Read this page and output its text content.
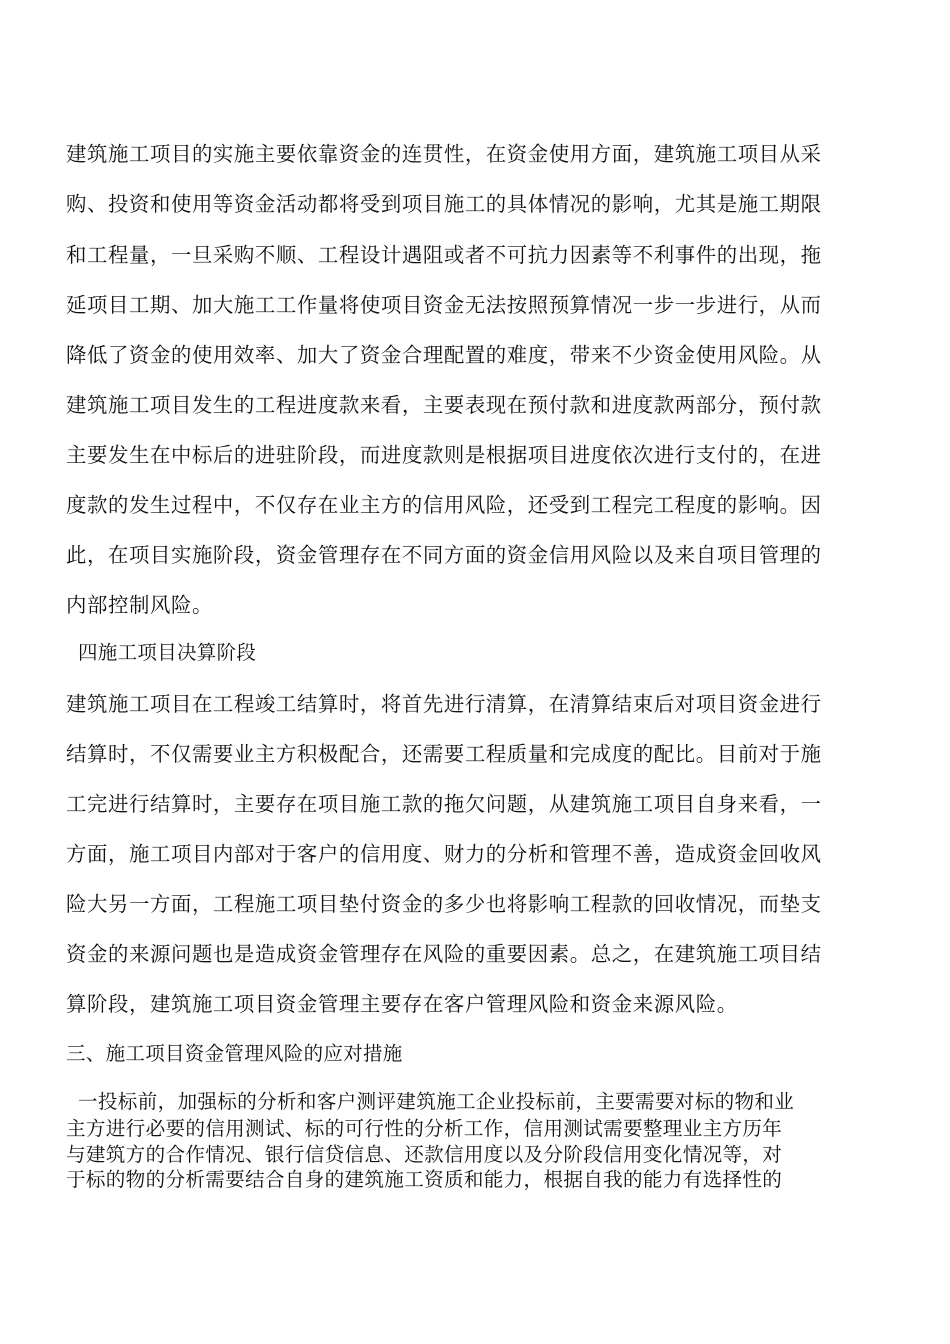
建筑施工项目的实施主要依靠资金的连贯性，在资金使用方面，建筑施工项目从采
购、投资和使用等资金活动都将受到项目施工的具体情况的影响，尤其是施工期限
和工程量，一旦采购不顺、工程设计遇阻或者不可抗力因素等不利事件的出现，拖
延项目工期、加大施工工作量将使项目资金无法按照预算情况一步一步进行，从而
降低了资金的使用效率、加大了资金合理配置的难度，带来不少资金使用风险。从
建筑施工项目发生的工程进度款来看，主要表现在预付款和进度款两部分，预付款
主要发生在中标后的进驻阶段，而进度款则是根据项目进度依次进行支付的，在进
度款的发生过程中，不仅存在业主方的信用风险，还受到工程完工程度的影响。因
此，在项目实施阶段，资金管理存在不同方面的资金信用风险以及来自项目管理的
内部控制风险。
四施工项目决算阶段
建筑施工项目在工程竣工结算时，将首先进行清算，在清算结束后对项目资金进行
结算时，不仅需要业主方积极配合，还需要工程质量和完成度的配比。目前对于施
工完进行结算时，主要存在项目施工款的拖欠问题，从建筑施工项目自身来看，一
方面，施工项目内部对于客户的信用度、财力的分析和管理不善，造成资金回收风
险大另一方面，工程施工项目垫付资金的多少也将影响工程款的回收情况，而垫支
资金的来源问题也是造成资金管理存在风险的重要因素。总之，在建筑施工项目结
算阶段，建筑施工项目资金管理主要存在客户管理风险和资金来源风险。
三、施工项目资金管理风险的应对措施
一投标前，加强标的分析和客户测评建筑施工企业投标前，主要需要对标的物和业
主方进行必要的信用测试、标的可行性的分析工作，信用测试需要整理业主方历年
与建筑方的合作情况、银行信贷信息、还款信用度以及分阶段信用变化情况等，对
于标的物的分析需要结合自身的建筑施工资质和能力，根据自我的能力有选择性的
